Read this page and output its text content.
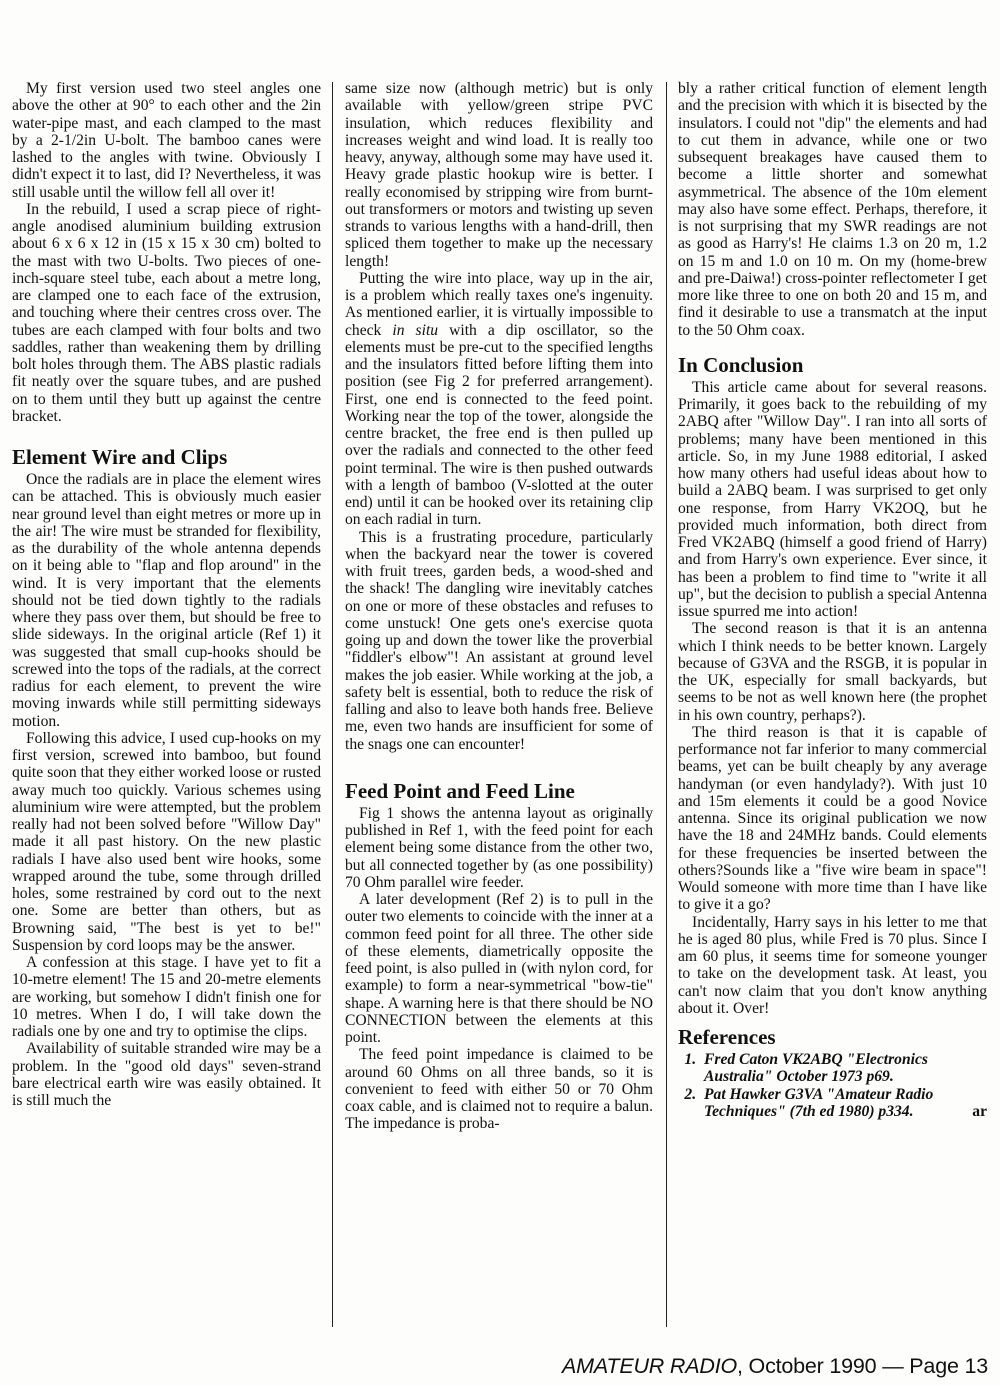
My first version used two steel angles one above the other at 90° to each other and the 2in water-pipe mast, and each clamped to the mast by a 2-1/2in U-bolt. The bamboo canes were lashed to the angles with twine. Obviously I didn't expect it to last, did I? Nevertheless, it was still usable until the willow fell all over it!

In the rebuild, I used a scrap piece of right-angle anodised aluminium building extrusion about 6 x 6 x 12 in (15 x 15 x 30 cm) bolted to the mast with two U-bolts. Two pieces of one-inch-square steel tube, each about a metre long, are clamped one to each face of the extrusion, and touching where their centres cross over. The tubes are each clamped with four bolts and two saddles, rather than weakening them by drilling bolt holes through them. The ABS plastic radials fit neatly over the square tubes, and are pushed on to them until they butt up against the centre bracket.

Element Wire and Clips

Once the radials are in place the element wires can be attached. This is obviously much easier near ground level than eight metres or more up in the air! The wire must be stranded for flexibility, as the durability of the whole antenna depends on it being able to "flap and flop around" in the wind. It is very important that the elements should not be tied down tightly to the radials where they pass over them, but should be free to slide sideways. In the original article (Ref 1) it was suggested that small cup-hooks should be screwed into the tops of the radials, at the correct radius for each element, to prevent the wire moving inwards while still permitting sideways motion.

Following this advice, I used cup-hooks on my first version, screwed into bamboo, but found quite soon that they either worked loose or rusted away much too quickly. Various schemes using aluminium wire were attempted, but the problem really had not been solved before "Willow Day" made it all past history. On the new plastic radials I have also used bent wire hooks, some wrapped around the tube, some through drilled holes, some restrained by cord out to the next one. Some are better than others, but as Browning said, "The best is yet to be!" Suspension by cord loops may be the answer.

A confession at this stage. I have yet to fit a 10-metre element! The 15 and 20-metre elements are working, but somehow I didn't finish one for 10 metres. When I do, I will take down the radials one by one and try to optimise the clips.

Availability of suitable stranded wire may be a problem. In the "good old days" seven-strand bare electrical earth wire was easily obtained. It is still much the

same size now (although metric) but is only available with yellow/green stripe PVC insulation, which reduces flexibility and increases weight and wind load. It is really too heavy, anyway, although some may have used it. Heavy grade plastic hookup wire is better. I really economised by stripping wire from burnt-out transformers or motors and twisting up seven strands to various lengths with a hand-drill, then spliced them together to make up the necessary length!

Putting the wire into place, way up in the air, is a problem which really taxes one's ingenuity. As mentioned earlier, it is virtually impossible to check in situ with a dip oscillator, so the elements must be pre-cut to the specified lengths and the insulators fitted before lifting them into position (see Fig 2 for preferred arrangement). First, one end is connected to the feed point. Working near the top of the tower, alongside the centre bracket, the free end is then pulled up over the radials and connected to the other feed point terminal. The wire is then pushed outwards with a length of bamboo (V-slotted at the outer end) until it can be hooked over its retaining clip on each radial in turn.

This is a frustrating procedure, particularly when the backyard near the tower is covered with fruit trees, garden beds, a wood-shed and the shack! The dangling wire inevitably catches on one or more of these obstacles and refuses to come unstuck! One gets one's exercise quota going up and down the tower like the proverbial "fiddler's elbow"! An assistant at ground level makes the job easier. While working at the job, a safety belt is essential, both to reduce the risk of falling and also to leave both hands free. Believe me, even two hands are insufficient for some of the snags one can encounter!

Feed Point and Feed Line

Fig 1 shows the antenna layout as originally published in Ref 1, with the feed point for each element being some distance from the other two, but all connected together by (as one possibility) 70 Ohm parallel wire feeder.

A later development (Ref 2) is to pull in the outer two elements to coincide with the inner at a common feed point for all three. The other side of these elements, diametrically opposite the feed point, is also pulled in (with nylon cord, for example) to form a near-symmetrical "bow-tie" shape. A warning here is that there should be NO CONNECTION between the elements at this point.

The feed point impedance is claimed to be around 60 Ohms on all three bands, so it is convenient to feed with either 50 or 70 Ohm coax cable, and is claimed not to require a balun. The impedance is proba-

bly a rather critical function of element length and the precision with which it is bisected by the insulators. I could not "dip" the elements and had to cut them in advance, while one or two subsequent breakages have caused them to become a little shorter and somewhat asymmetrical. The absence of the 10m element may also have some effect. Perhaps, therefore, it is not surprising that my SWR readings are not as good as Harry's! He claims 1.3 on 20 m, 1.2 on 15 m and 1.0 on 10 m. On my (home-brew and pre-Daiwa!) cross-pointer reflectometer I get more like three to one on both 20 and 15 m, and find it desirable to use a transmatch at the input to the 50 Ohm coax.

In Conclusion

This article came about for several reasons. Primarily, it goes back to the rebuilding of my 2ABQ after "Willow Day". I ran into all sorts of problems; many have been mentioned in this article. So, in my June 1988 editorial, I asked how many others had useful ideas about how to build a 2ABQ beam. I was surprised to get only one response, from Harry VK2OQ, but he provided much information, both direct from Fred VK2ABQ (himself a good friend of Harry) and from Harry's own experience. Ever since, it has been a problem to find time to "write it all up", but the decision to publish a special Antenna issue spurred me into action!

The second reason is that it is an antenna which I think needs to be better known. Largely because of G3VA and the RSGB, it is popular in the UK, especially for small backyards, but seems to be not as well known here (the prophet in his own country, perhaps?).

The third reason is that it is capable of performance not far inferior to many commercial beams, yet can be built cheaply by any average handyman (or even handylady?). With just 10 and 15m elements it could be a good Novice antenna. Since its original publication we now have the 18 and 24MHz bands. Could elements for these frequencies be inserted between the others?Sounds like a "five wire beam in space"! Would someone with more time than I have like to give it a go?

Incidentally, Harry says in his letter to me that he is aged 80 plus, while Fred is 70 plus. Since I am 60 plus, it seems time for someone younger to take on the development task. At least, you can't now claim that you don't know anything about it. Over!

References
1. Fred Caton VK2ABQ "Electronics Australia" October 1973 p69.
2. Pat Hawker G3VA "Amateur Radio Techniques" (7th ed 1980) p334.	ar
AMATEUR RADIO, October 1990 — Page 13
